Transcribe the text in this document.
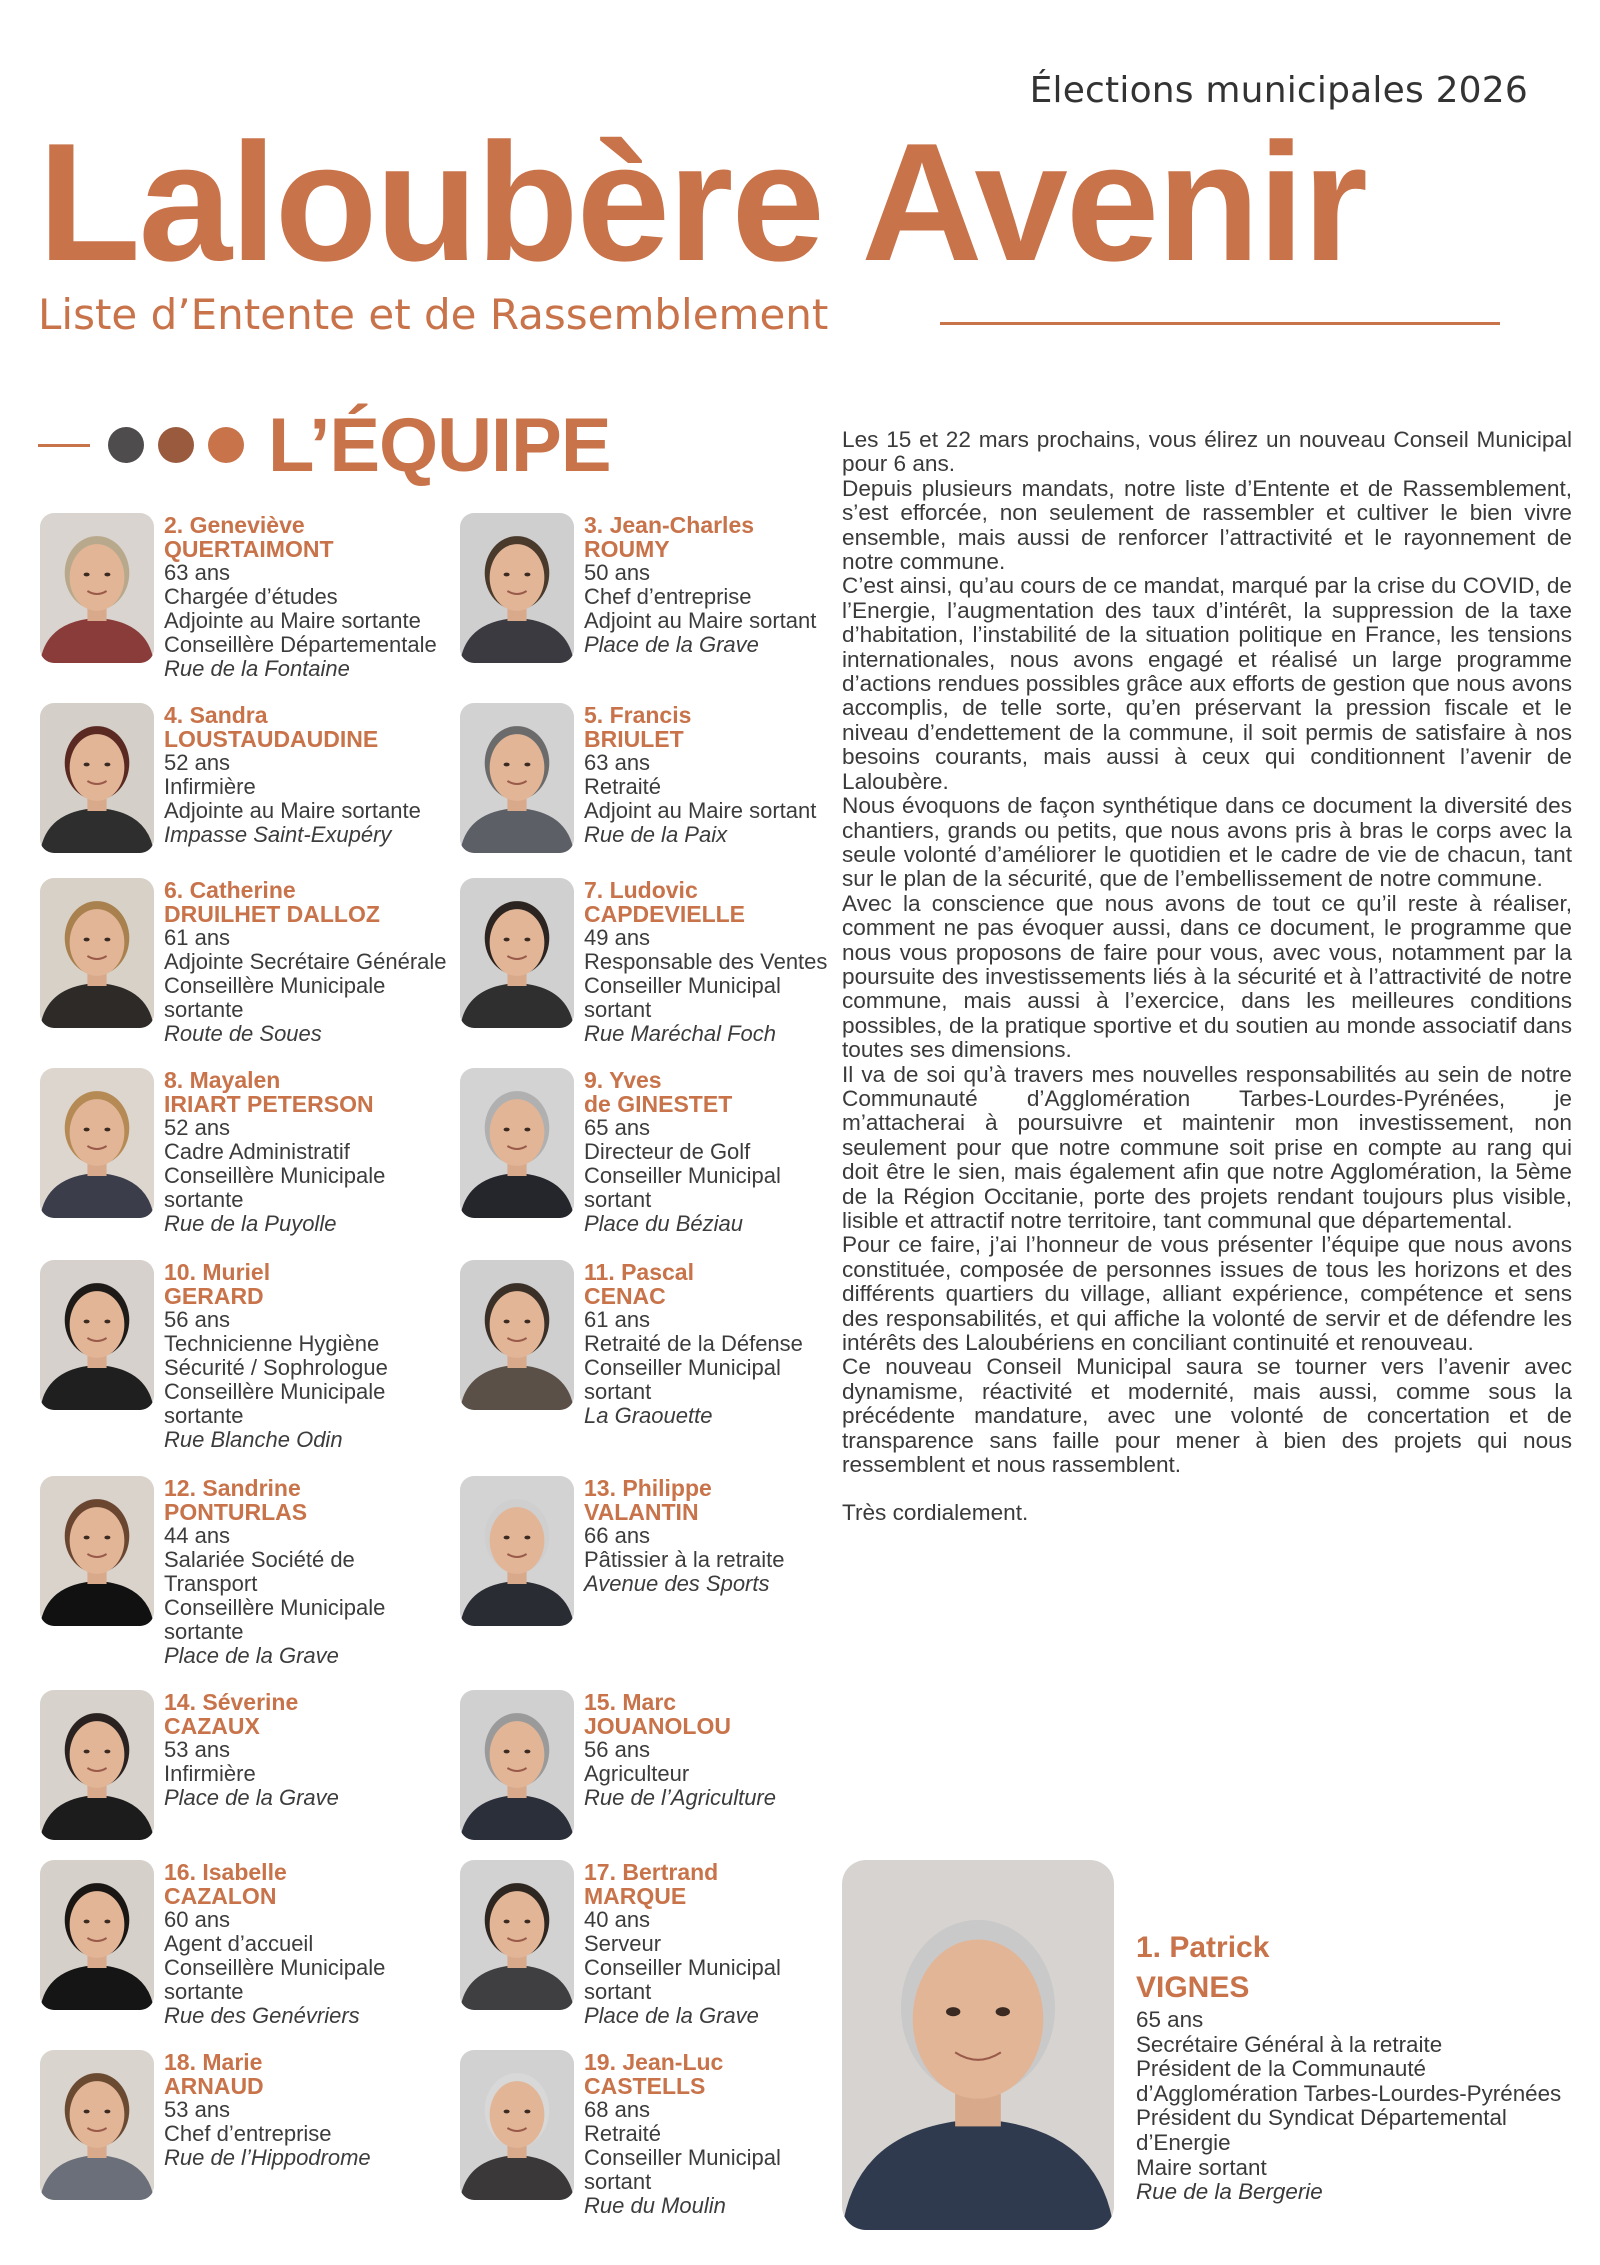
Élections municipales 2026
Laloubère Avenir
Liste d’Entente et de Rassemblement
L’ÉQUIPE
2. Geneviève
QUERTAIMONT
63 ans
Chargée d’études
Adjointe au Maire sortante
Conseillère Départementale
Rue de la Fontaine
3. Jean-Charles
ROUMY
50 ans
Chef d’entreprise
Adjoint au Maire sortant
Place de la Grave
4. Sandra
LOUSTAUDAUDINE
52 ans
Infirmière
Adjointe au Maire sortante
Impasse Saint-Exupéry
5. Francis
BRIULET
63 ans
Retraité
Adjoint au Maire sortant
Rue de la Paix
6. Catherine
DRUILHET DALLOZ
61 ans
Adjointe Secrétaire Générale
Conseillère Municipale
sortante
Route de Soues
7. Ludovic
CAPDEVIELLE
49 ans
Responsable des Ventes
Conseiller Municipal
sortant
Rue Maréchal Foch
8. Mayalen
IRIART PETERSON
52 ans
Cadre Administratif
Conseillère Municipale
sortante
Rue de la Puyolle
9. Yves
de GINESTET
65 ans
Directeur de Golf
Conseiller Municipal
sortant
Place du Béziau
10. Muriel
GERARD
56 ans
Technicienne Hygiène
Sécurité / Sophrologue
Conseillère Municipale
sortante
Rue Blanche Odin
11. Pascal
CENAC
61 ans
Retraité de la Défense
Conseiller Municipal
sortant
La Graouette
12. Sandrine
PONTURLAS
44 ans
Salariée Société de
Transport
Conseillère Municipale
sortante
Place de la Grave
13. Philippe
VALANTIN
66 ans
Pâtissier à la retraite
Avenue des Sports
14. Séverine
CAZAUX
53 ans
Infirmière
Place de la Grave
15. Marc
JOUANOLOU
56 ans
Agriculteur
Rue de l’Agriculture
16. Isabelle
CAZALON
60 ans
Agent d’accueil
Conseillère Municipale
sortante
Rue des Genévriers
17. Bertrand
MARQUE
40 ans
Serveur
Conseiller Municipal
sortant
Place de la Grave
18. Marie
ARNAUD
53 ans
Chef d’entreprise
Rue de l’Hippodrome
19. Jean-Luc
CASTELLS
68 ans
Retraité
Conseiller Municipal
sortant
Rue du Moulin

Les 15 et 22 mars prochains, vous élirez un nouveau Conseil Municipal pour 6 ans.

Depuis plusieurs mandats, notre liste d’Entente et de Rassemblement, s’est efforcée, non seulement de rassembler et cultiver le bien vivre ensemble, mais aussi de renforcer l’attractivité et le rayonnement de notre commune.

C’est ainsi, qu’au cours de ce mandat, marqué par la crise du COVID, de l’Energie, l’augmentation des taux d’intérêt, la suppression de la taxe d’habitation, l’instabilité de la situation politique en France, les tensions internationales, nous avons engagé et réalisé un large programme d’actions rendues possibles grâce aux efforts de gestion que nous avons accomplis, de telle sorte, qu’en préservant la pression fiscale et le niveau d’endettement de la commune, il soit permis de satisfaire à nos besoins courants, mais aussi à ceux qui conditionnent l’avenir de Laloubère.

Nous évoquons de façon synthétique dans ce document la diversité des chantiers, grands ou petits, que nous avons pris à bras le corps avec la seule volonté d’améliorer le quotidien et le cadre de vie de chacun, tant sur le plan de la sécurité, que de l’embellissement de notre commune.

Avec la conscience que nous avons de tout ce qu’il reste à réaliser, comment ne pas évoquer aussi, dans ce document, le programme que nous vous proposons de faire pour vous, avec vous, notamment par la poursuite des investissements liés à la sécurité et à l’attractivité de notre commune, mais aussi à l’exercice, dans les meilleures conditions possibles, de la pratique sportive et du soutien au monde associatif dans toutes ses dimensions.

Il va de soi qu’à travers mes nouvelles responsabilités au sein de notre Communauté d’Agglomération Tarbes-Lourdes-Pyrénées, je m’attacherai à poursuivre et maintenir mon investissement, non seulement pour que notre commune soit prise en compte au rang qui doit être le sien, mais également afin que notre Agglomération, la 5ème de la Région Occitanie, porte des projets rendant toujours plus visible, lisible et attractif notre territoire, tant communal que départemental.

Pour ce faire, j’ai l’honneur de vous présenter l’équipe que nous avons constituée, composée de personnes issues de tous les horizons et des différents quartiers du village, alliant expérience, compétence et sens des responsabilités, et qui affiche la volonté de servir et de défendre les intérêts des Laloubériens en conciliant continuité et renouveau.

Ce nouveau Conseil Municipal saura se tourner vers l’avenir avec dynamisme, réactivité et modernité, mais aussi, comme sous la précédente mandature, avec une volonté de concertation et de transparence sans faille pour mener à bien des projets qui nous ressemblent et nous rassemblent.

Très cordialement.

1. Patrick
VIGNES
65 ans
Secrétaire Général à la retraite
Président de la Communauté
d’Agglomération Tarbes-Lourdes-Pyrénées
Président du Syndicat Départemental
d’Energie
Maire sortant
Rue de la Bergerie
